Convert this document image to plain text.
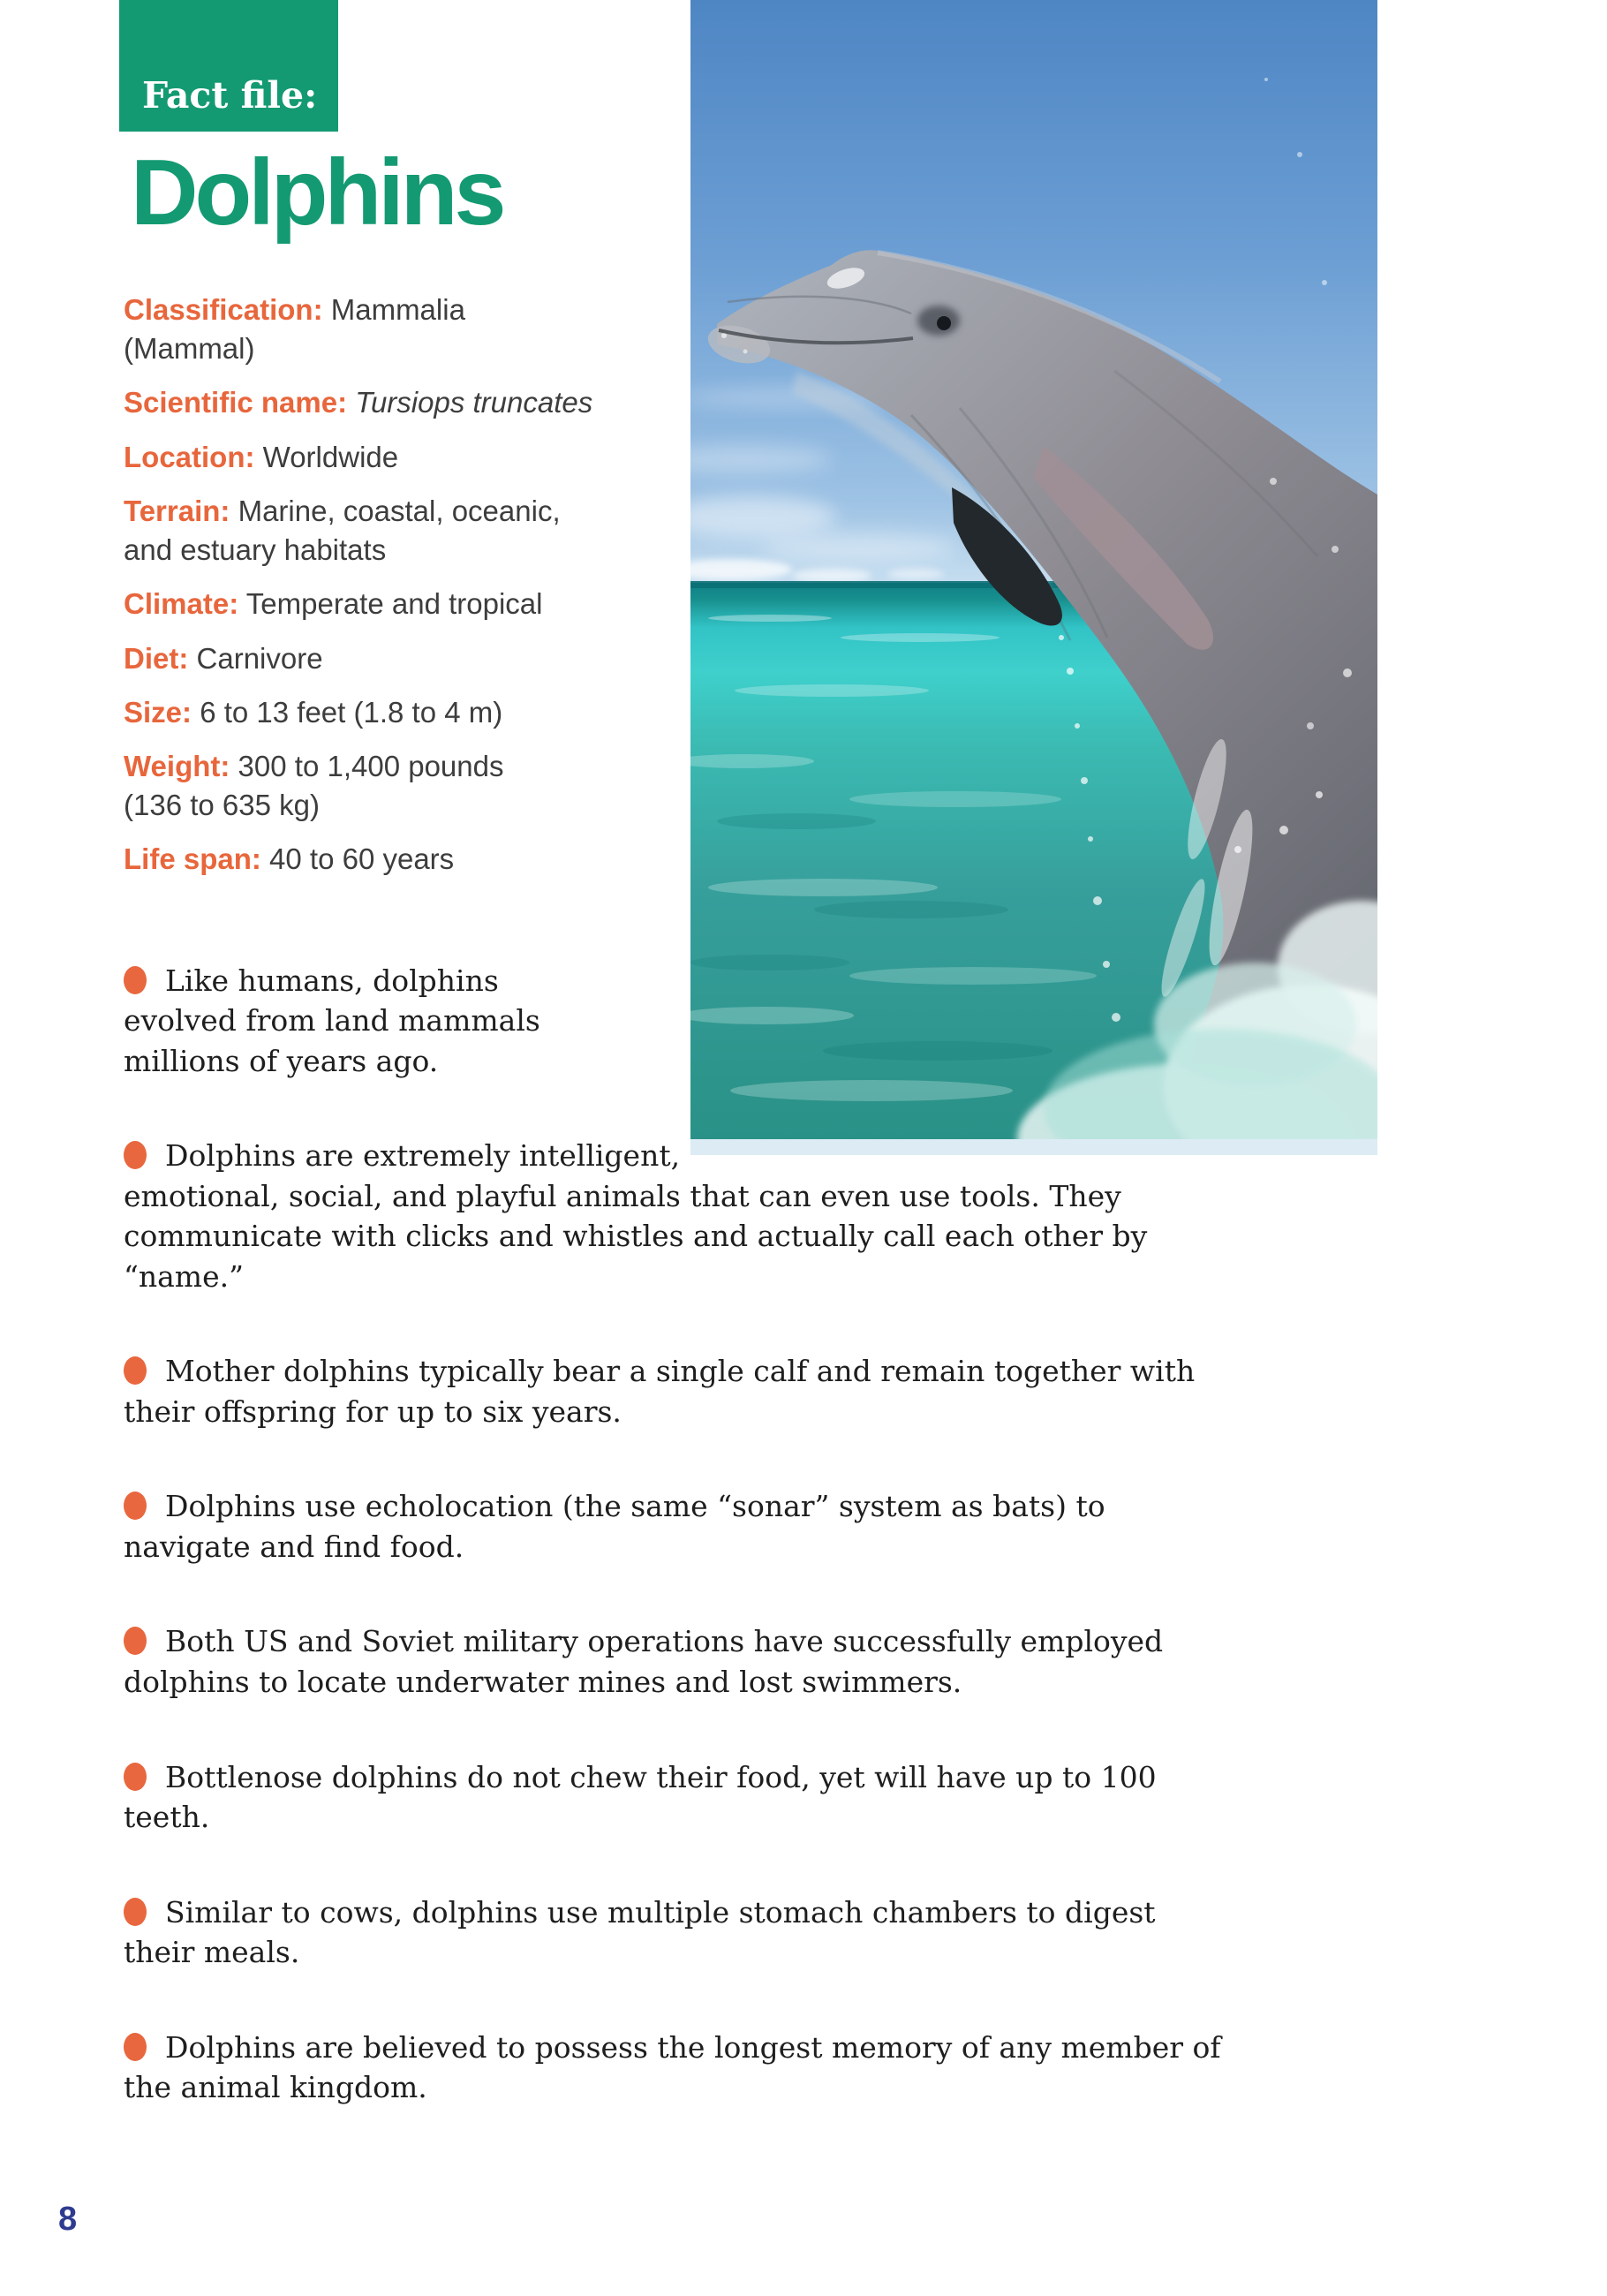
Fact file:
Dolphins

Classification: Mammalia
(Mammal)

Scientific name: Tursiops truncates

Location: Worldwide

Terrain: Marine, coastal, oceanic,
and estuary habitats

Climate: Temperate and tropical

Diet: Carnivore

Size: 6 to 13 feet (1.8 to 4 m)

Weight: 300 to 1,400 pounds
(136 to 635 kg)

Life span: 40 to 60 years

Like humans, dolphins evolved from land mammals millions of years ago.

Dolphins are extremely intelligent, emotional, social, and playful animals that can even use tools. They communicate with clicks and whistles and actually call each other by “name.”

Mother dolphins typically bear a single calf and remain together with their offspring for up to six years.

Dolphins use echolocation (the same “sonar” system as bats) to navigate and find food.

Both US and Soviet military operations have successfully employed dolphins to locate underwater mines and lost swimmers.

Bottlenose dolphins do not chew their food, yet will have up to 100 teeth.

Similar to cows, dolphins use multiple stomach chambers to digest their meals.

Dolphins are believed to possess the longest memory of any member of the animal kingdom.

8
